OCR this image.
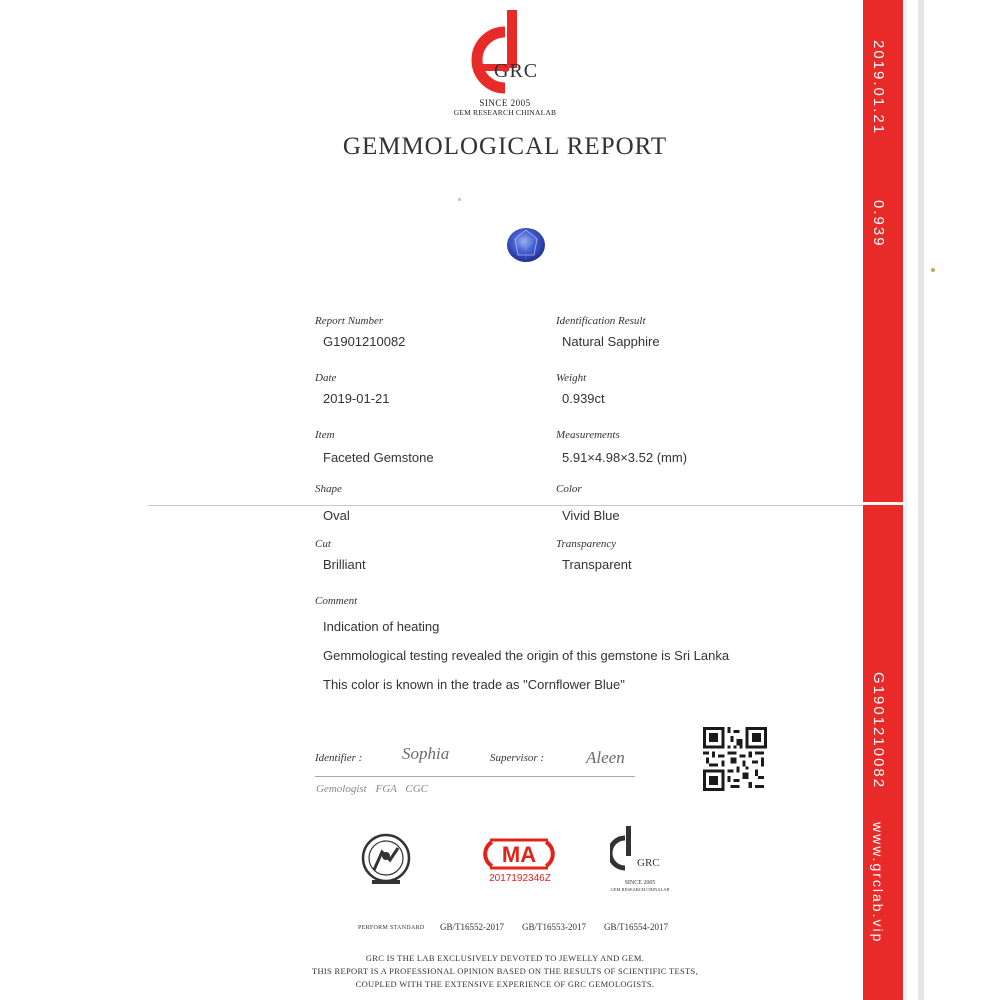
GRC
SINCE 2005
GEM RESEARCH CHINALAB
GEMMOLOGICAL REPORT
Report Number
G1901210082
Identification Result
Natural Sapphire
Date
2019-01-21
Weight
0.939ct
Item
Faceted Gemstone
Measurements
5.91×4.98×3.52 (mm)
Shape
Oval
Color
Vivid Blue
Cut
Brilliant
Transparency
Transparent
Comment
Indication of heating
Gemmological testing revealed the origin of this gemstone is Sri Lanka
This color is known in the trade as "Cornflower Blue"
Identifier : Sophia	Supervisor : Aleen
Gemologist FGA CGC
MA
2017192346Z
GRC
SINCE 2005
GEM RESEARCH CHINALAB
PERFORM STANDARD GB/T16552-2017 GB/T16553-2017 GB/T16554-2017
GRC IS THE LAB EXCLUSIVELY DEVOTED TO JEWELLY AND GEM.
THIS REPORT IS A PROFESSIONAL OPINION BASED ON THE RESULTS OF SCIENTIFIC TESTS,
COUPLED WITH THE EXTENSIVE EXPERIENCE OF GRC GEMOLOGISTS.
2019.01.21
0.939
G1901210082
www.grclab.vip
